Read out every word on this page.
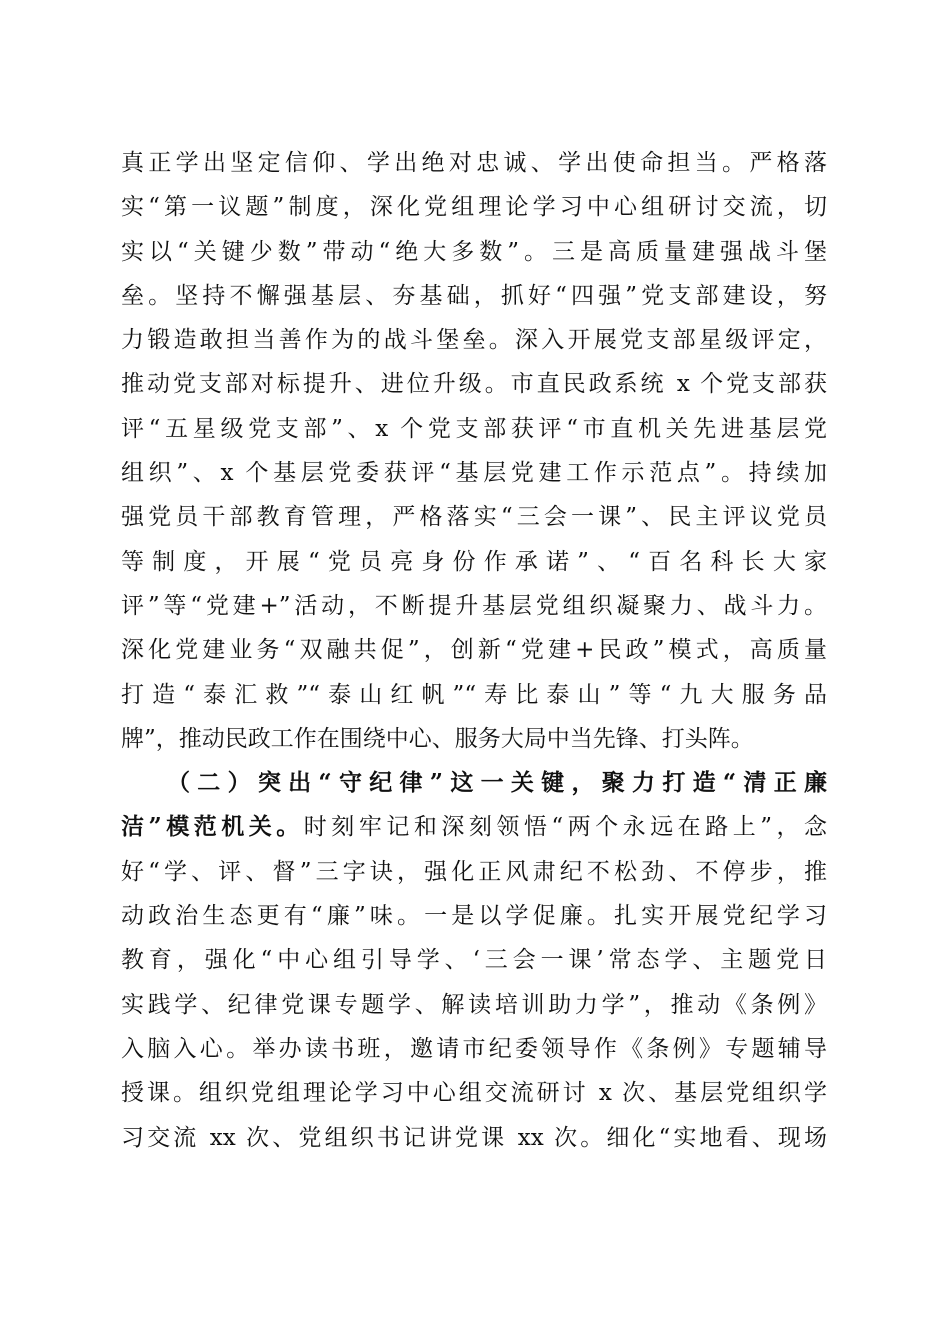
真正学出坚定信仰、学出绝对忠诚、学出使命担当。严格落
实“第一议题”制度，深化党组理论学习中心组研讨交流，切
实以“关键少数”带动“绝大多数”。三是高质量建强战斗堡
垒。坚持不懈强基层、夯基础，抓好“四强”党支部建设，努
力锻造敢担当善作为的战斗堡垒。深入开展党支部星级评定，
推动党支部对标提升、进位升级。市直民政系统 x 个党支部获
评“五星级党支部”、x 个党支部获评“市直机关先进基层党
组织”、x 个基层党委获评“基层党建工作示范点”。持续加
强党员干部教育管理，严格落实“三会一课”、民主评议党员
等制度，开展“党员亮身份作承诺”、“百名科长大家
评”等“党建+”活动，不断提升基层党组织凝聚力、战斗力。
深化党建业务“双融共促”，创新“党建+民政”模式，高质量
打造“泰汇救”“泰山红帆”“寿比泰山”等“九大服务品
牌”，推动民政工作在围绕中心、服务大局中当先锋、打头阵。
（二）突出“守纪律”这一关键，聚力打造“清正廉
洁”模范机关。时刻牢记和深刻领悟“两个永远在路上”，念
好“学、评、督”三字诀，强化正风肃纪不松劲、不停步，推
动政治生态更有“廉”味。一是以学促廉。扎实开展党纪学习
教育，强化“中心组引导学、‘三会一课’常态学、主题党日
实践学、纪律党课专题学、解读培训助力学”，推动《条例》
入脑入心。举办读书班，邀请市纪委领导作《条例》专题辅导
授课。组织党组理论学习中心组交流研讨 x 次、基层党组织学
习交流 xx 次、党组织书记讲党课 xx 次。细化“实地看、现场
